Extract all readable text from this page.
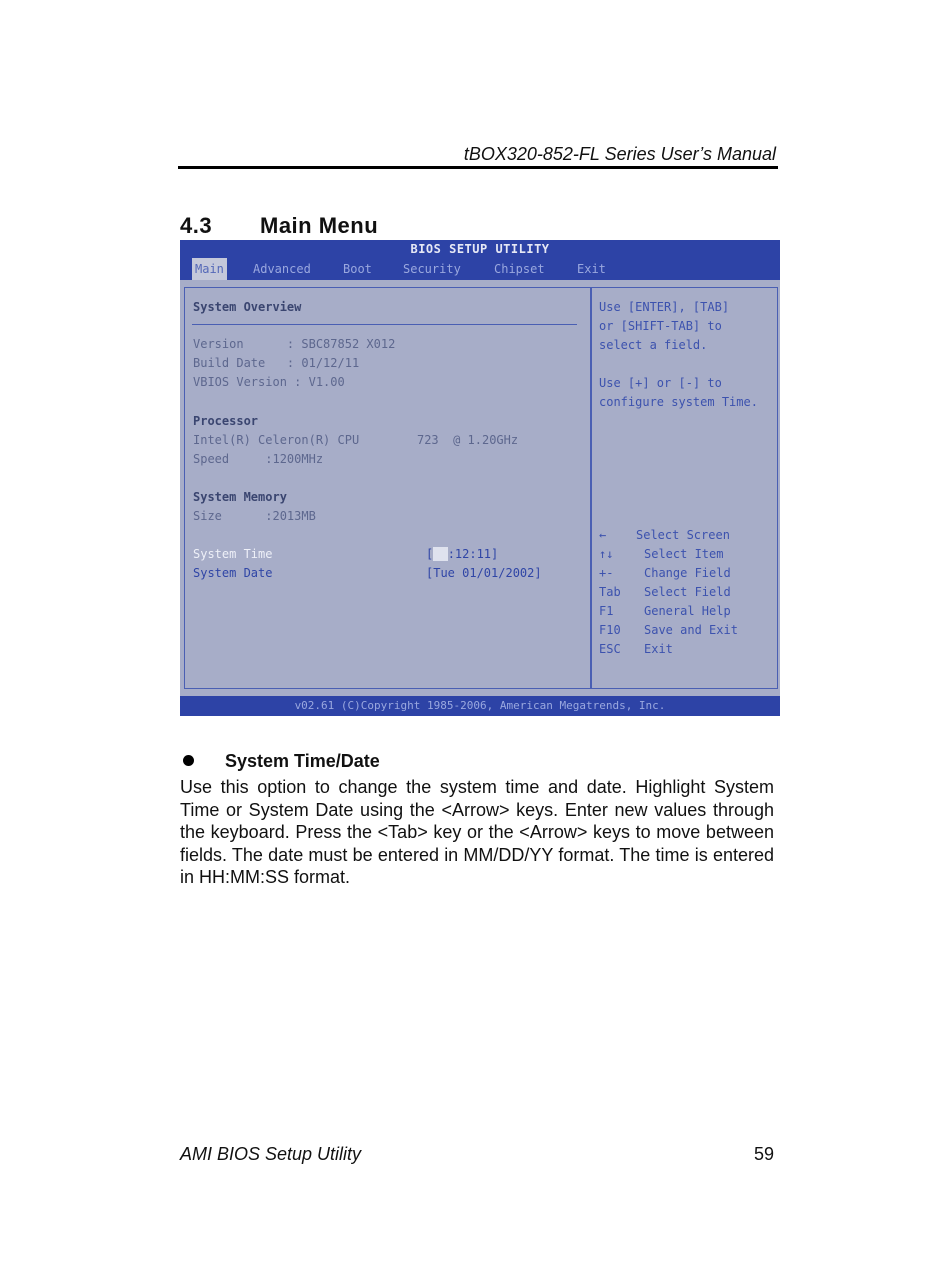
tBOX320-852-FL Series User’s Manual
4.3 Main Menu
BIOS SETUP UTILITY
Main Advanced	Boot	Security	Chipset	Exit
System Overview
Version      : SBC87852 X012
Build Date   : 01/12/11
VBIOS Version : V1.00
Processor
Intel(R) Celeron(R) CPU        723  @ 1.20GHz
Speed     :1200MHz
System Memory
Size      :2013MB
System Time	[06:12:11]
System Date	[Tue 01/01/2002]
Use [ENTER], [TAB]
or [SHIFT-TAB] to
select a field.
Use [+] or [-] to
configure system Time.
← Select Screen
↑↓	Select Item
+-	Change Field
Tab Select Field
F1	General Help
F10 Save and Exit
ESC Exit
v02.61 (C)Copyright 1985-2006, American Megatrends, Inc.
System Time/Date
Use this option to change the system time and date. Highlight System Time or System Date using the <Arrow> keys. Enter new values through the keyboard. Press the <Tab> key or the <Arrow> keys to move between fields. The date must be entered in MM/DD/YY format. The time is entered in HH:MM:SS format.
AMI BIOS Setup Utility	59
